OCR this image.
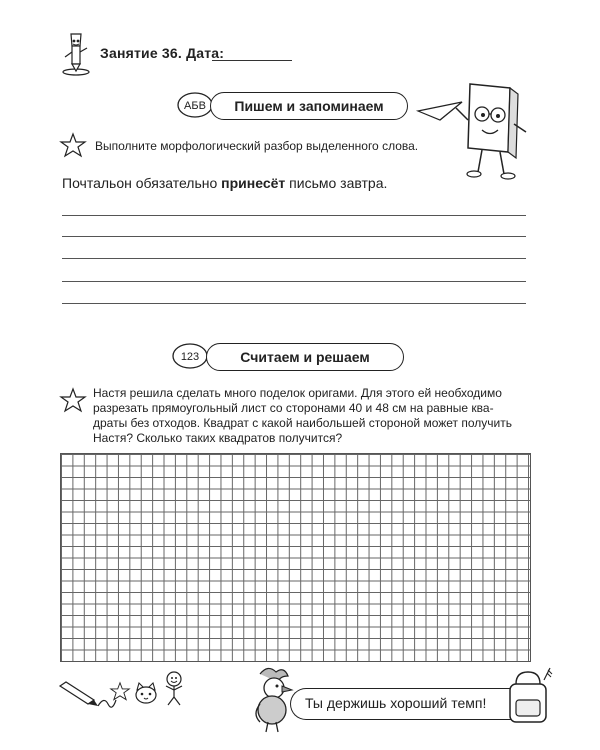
Занятие 36. Дата:
АБВ Пишем и запоминаем
Выполните морфологический разбор выделенного слова.
Почтальон обязательно принесёт письмо завтра.
123	Считаем и решаем
Настя решила сделать много поделок оригами. Для этого ей необходимо
разрезать прямоугольный лист со сторонами 40 и 48 см на равные ква-
драты без отходов. Квадрат с какой наибольшей стороной может получить
Настя? Сколько таких квадратов получится?
Ты держишь хороший темп!
